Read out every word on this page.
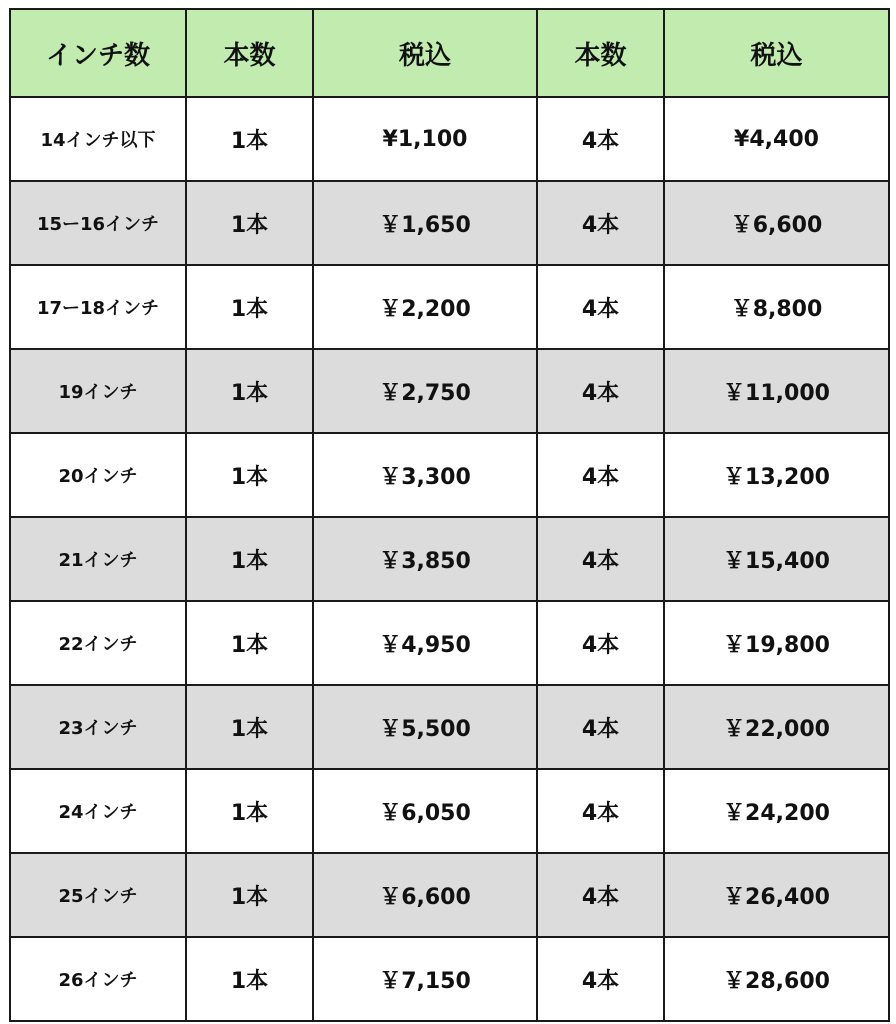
インチ数	本数	税込	本数	税込
14インチ以下	1本	¥1,100	4本	¥4,400
15ー16インチ	1本	￥1,650	4本	￥6,600
17ー18インチ	1本	￥2,200	4本	￥8,800
19インチ	1本	￥2,750	4本	￥11,000
20インチ	1本	￥3,300	4本	￥13,200
21インチ	1本	￥3,850	4本	￥15,400
22インチ	1本	￥4,950	4本	￥19,800
23インチ	1本	￥5,500	4本	￥22,000
24インチ	1本	￥6,050	4本	￥24,200
25インチ	1本	￥6,600	4本	￥26,400
26インチ	1本	￥7,150	4本	￥28,600
